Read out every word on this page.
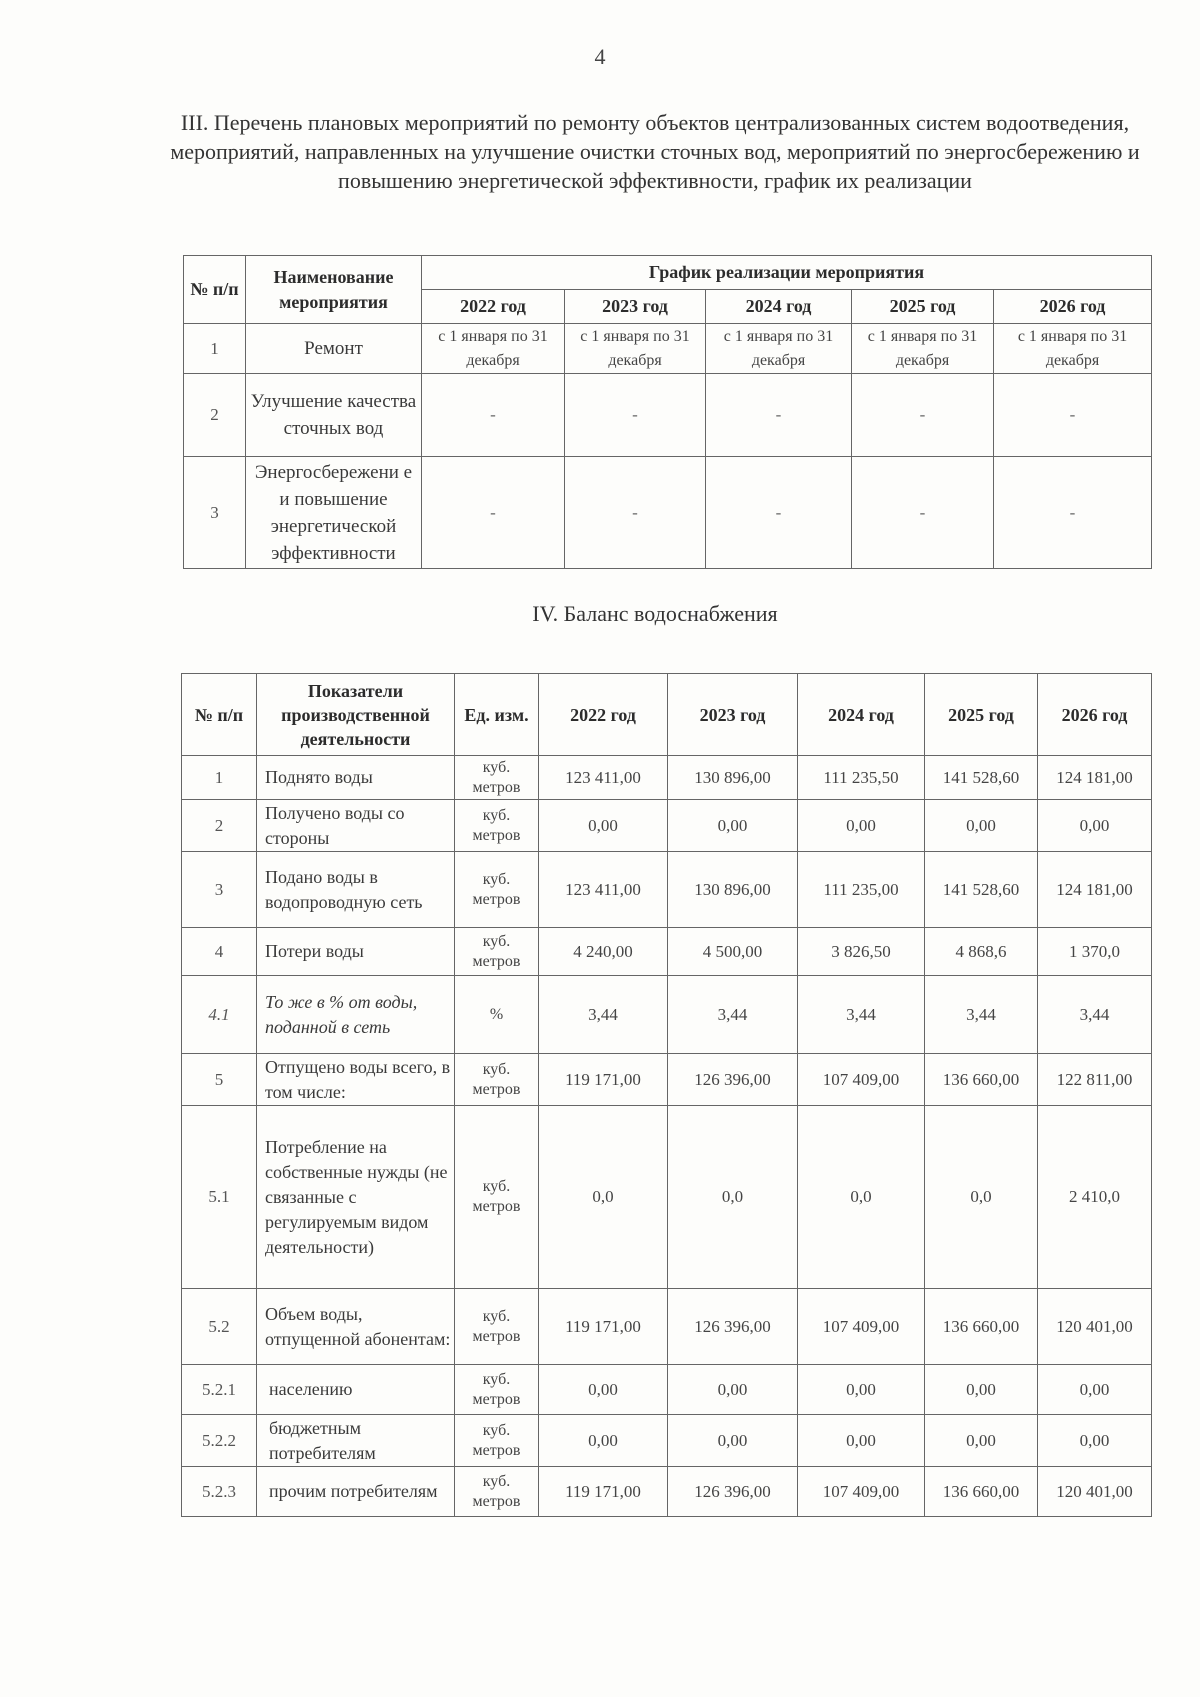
4
III. Перечень плановых мероприятий по ремонту объектов централизованных систем водоотведения, мероприятий, направленных на улучшение очистки сточных вод, мероприятий по энергосбережению и повышению энергетической эффективности, график их реализации
№ п/п	Наименование мероприятия	График реализации мероприятия				
		2022 год	2023 год	2024 год	2025 год	2026 год
1	Ремонт	с 1 января по 31 декабря	с 1 января по 31 декабря	с 1 января по 31 декабря	с 1 января по 31 декабря	с 1 января по 31 декабря
2	Улучшение качества сточных вод	-	-	-	-	-
3	Энергосбережени е и повышение энергетической эффективности	-	-	-	-	-
IV. Баланс водоснабжения
№ п/п	Показатели производственной деятельности	Ед. изм.	2022 год	2023 год	2024 год	2025 год	2026 год
1	Поднято воды	куб. метров	123 411,00	130 896,00	111 235,50	141 528,60	124 181,00
2	Получено воды со стороны	куб. метров	0,00	0,00	0,00	0,00	0,00
3	Подано воды в водопроводную сеть	куб. метров	123 411,00	130 896,00	111 235,00	141 528,60	124 181,00
4	Потери воды	куб. метров	4 240,00	4 500,00	3 826,50	4 868,6	1 370,0
4.1	То же в % от воды, поданной в сеть	%	3,44	3,44	3,44	3,44	3,44
5	Отпущено воды всего, в том числе:	куб. метров	119 171,00	126 396,00	107 409,00	136 660,00	122 811,00
5.1	Потребление на собственные нужды (не связанные с регулируемым видом деятельности)	куб. метров	0,0	0,0	0,0	0,0	2 410,0
5.2	Объем воды, отпущенной абонентам:	куб. метров	119 171,00	126 396,00	107 409,00	136 660,00	120 401,00
5.2.1	населению	куб. метров	0,00	0,00	0,00	0,00	0,00
5.2.2	бюджетным потребителям	куб. метров	0,00	0,00	0,00	0,00	0,00
5.2.3	прочим потребителям	куб. метров	119 171,00	126 396,00	107 409,00	136 660,00	120 401,00
